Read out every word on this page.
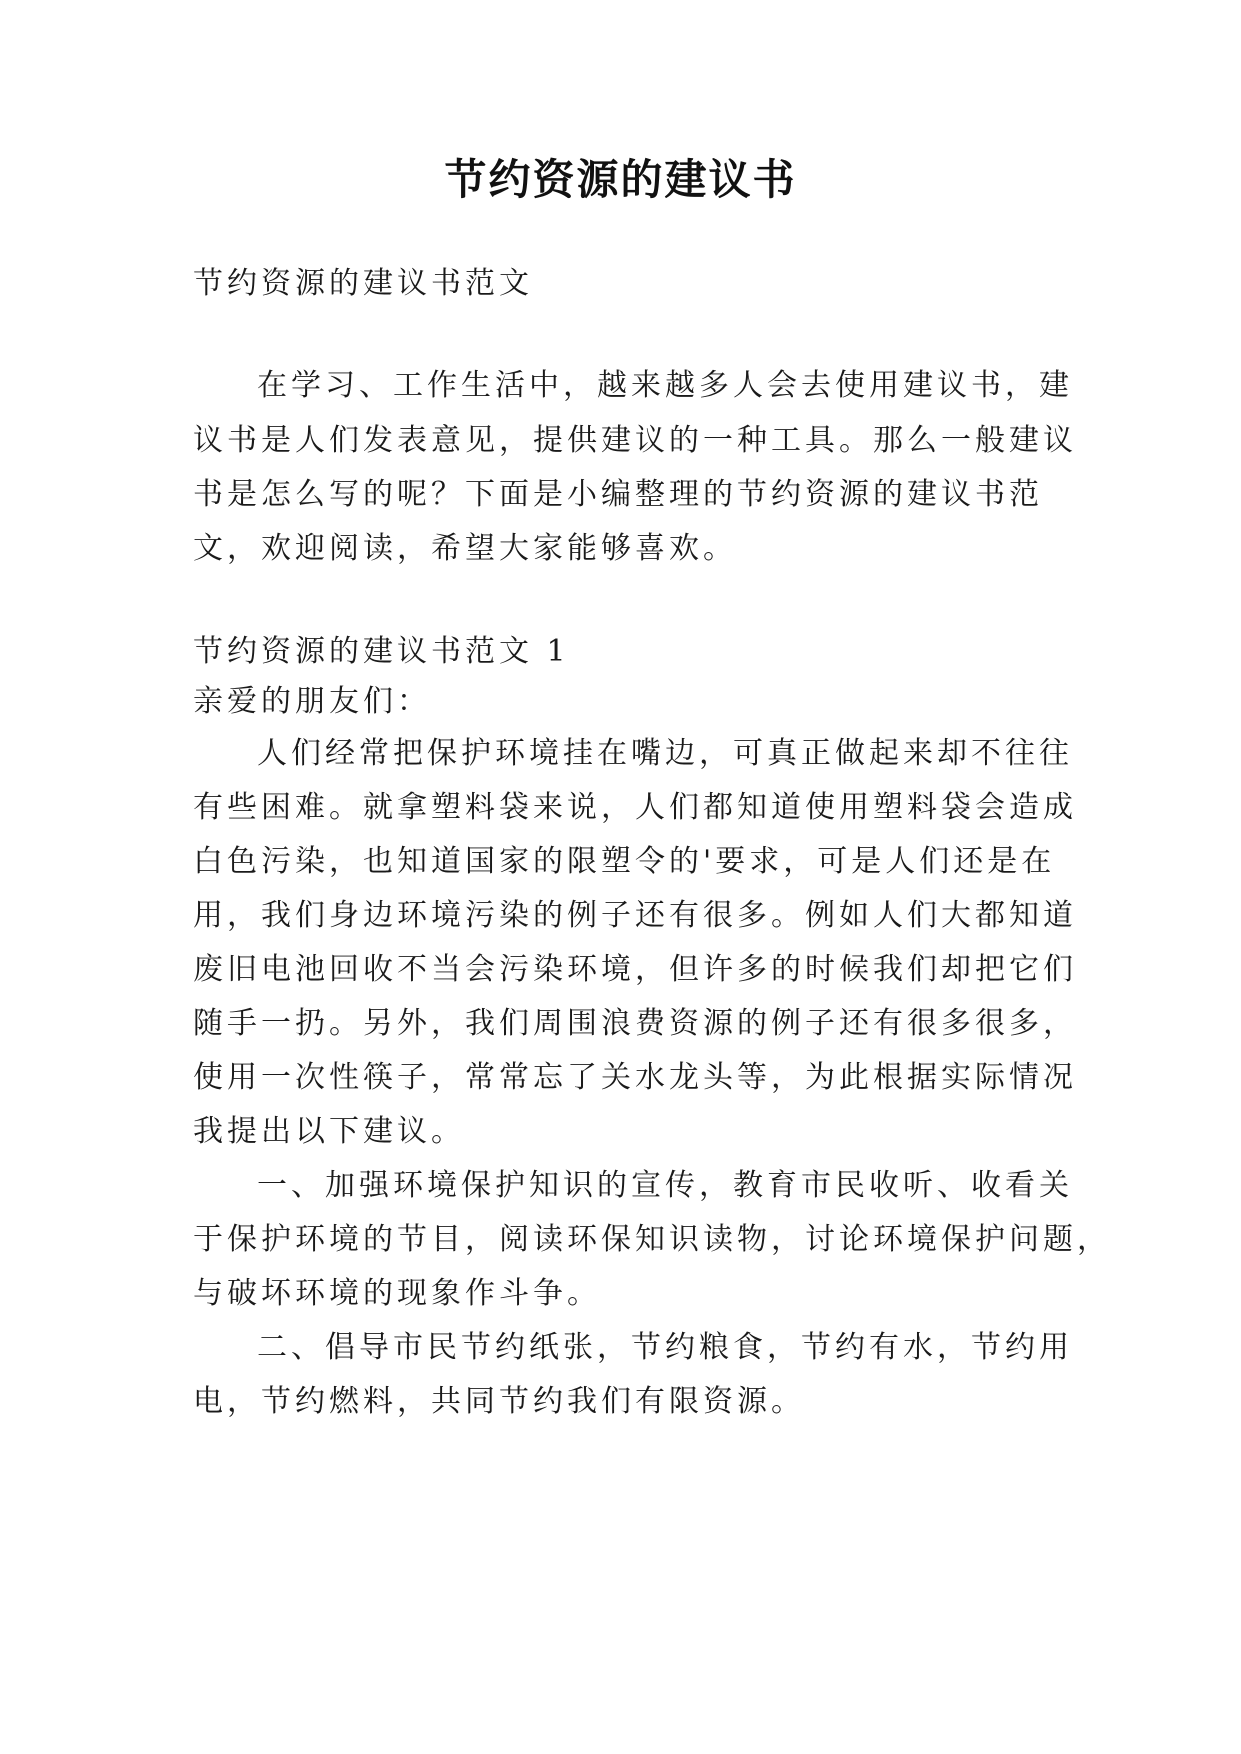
节约资源的建议书
节约资源的建议书范文
在学习、工作生活中，越来越多人会去使用建议书，建
议书是人们发表意见，提供建议的一种工具。那么一般建议
书是怎么写的呢？下面是小编整理的节约资源的建议书范
文，欢迎阅读，希望大家能够喜欢。
节约资源的建议书范文 1
亲爱的朋友们：
人们经常把保护环境挂在嘴边，可真正做起来却不往往
有些困难。就拿塑料袋来说，人们都知道使用塑料袋会造成
白色污染，也知道国家的限塑令的'要求，可是人们还是在
用，我们身边环境污染的例子还有很多。例如人们大都知道
废旧电池回收不当会污染环境，但许多的时候我们却把它们
随手一扔。另外，我们周围浪费资源的例子还有很多很多，
使用一次性筷子，常常忘了关水龙头等，为此根据实际情况
我提出以下建议。
一、加强环境保护知识的宣传，教育市民收听、收看关
于保护环境的节目，阅读环保知识读物，讨论环境保护问题，
与破坏环境的现象作斗争。
二、倡导市民节约纸张，节约粮食，节约有水，节约用
电，节约燃料，共同节约我们有限资源。
